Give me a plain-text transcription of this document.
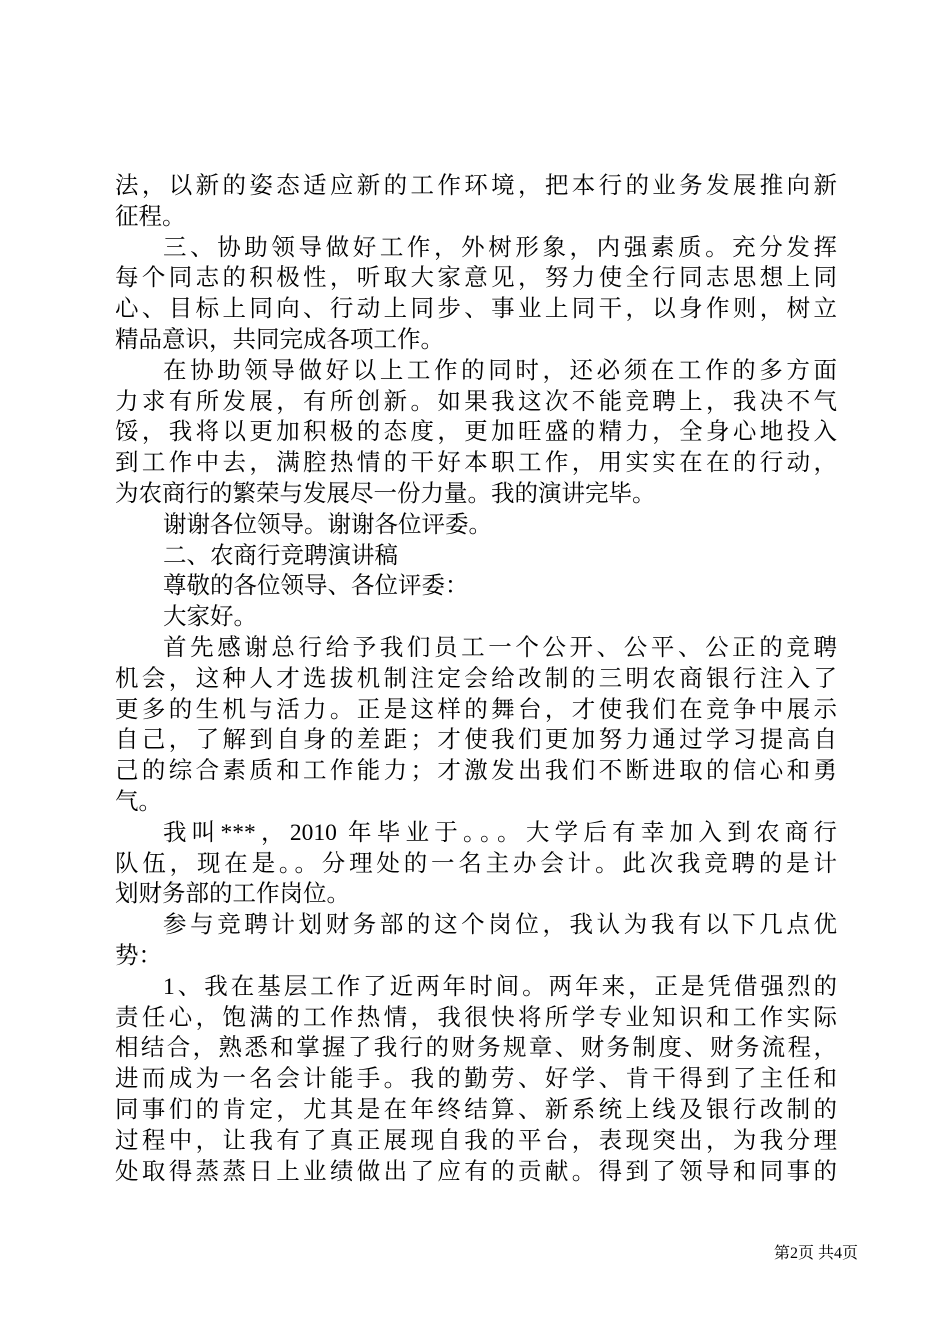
法，以新的姿态适应新的工作环境，把本行的业务发展推向新
征程。
三、协助领导做好工作，外树形象，内强素质。充分发挥
每个同志的积极性，听取大家意见，努力使全行同志思想上同
心、目标上同向、行动上同步、事业上同干，以身作则，树立
精品意识，共同完成各项工作。
在协助领导做好以上工作的同时，还必须在工作的多方面
力求有所发展，有所创新。如果我这次不能竞聘上，我决不气
馁，我将以更加积极的态度，更加旺盛的精力，全身心地投入
到工作中去，满腔热情的干好本职工作，用实实在在的行动，
为农商行的繁荣与发展尽一份力量。我的演讲完毕。
谢谢各位领导。谢谢各位评委。
二、农商行竞聘演讲稿
尊敬的各位领导、各位评委：
大家好。
首先感谢总行给予我们员工一个公开、公平、公正的竞聘
机会，这种人才选拔机制注定会给改制的三明农商银行注入了
更多的生机与活力。正是这样的舞台，才使我们在竞争中展示
自己，了解到自身的差距；才使我们更加努力通过学习提高自
己的综合素质和工作能力；才激发出我们不断进取的信心和勇
气。
我叫***，2010 年毕业于。。。大学后有幸加入到农商行
队伍，现在是。。分理处的一名主办会计。此次我竞聘的是计
划财务部的工作岗位。
参与竞聘计划财务部的这个岗位，我认为我有以下几点优
势：
1、我在基层工作了近两年时间。两年来，正是凭借强烈的
责任心，饱满的工作热情，我很快将所学专业知识和工作实际
相结合，熟悉和掌握了我行的财务规章、财务制度、财务流程，
进而成为一名会计能手。我的勤劳、好学、肯干得到了主任和
同事们的肯定，尤其是在年终结算、新系统上线及银行改制的
过程中，让我有了真正展现自我的平台，表现突出，为我分理
处取得蒸蒸日上业绩做出了应有的贡献。得到了领导和同事的
第2页 共4页
